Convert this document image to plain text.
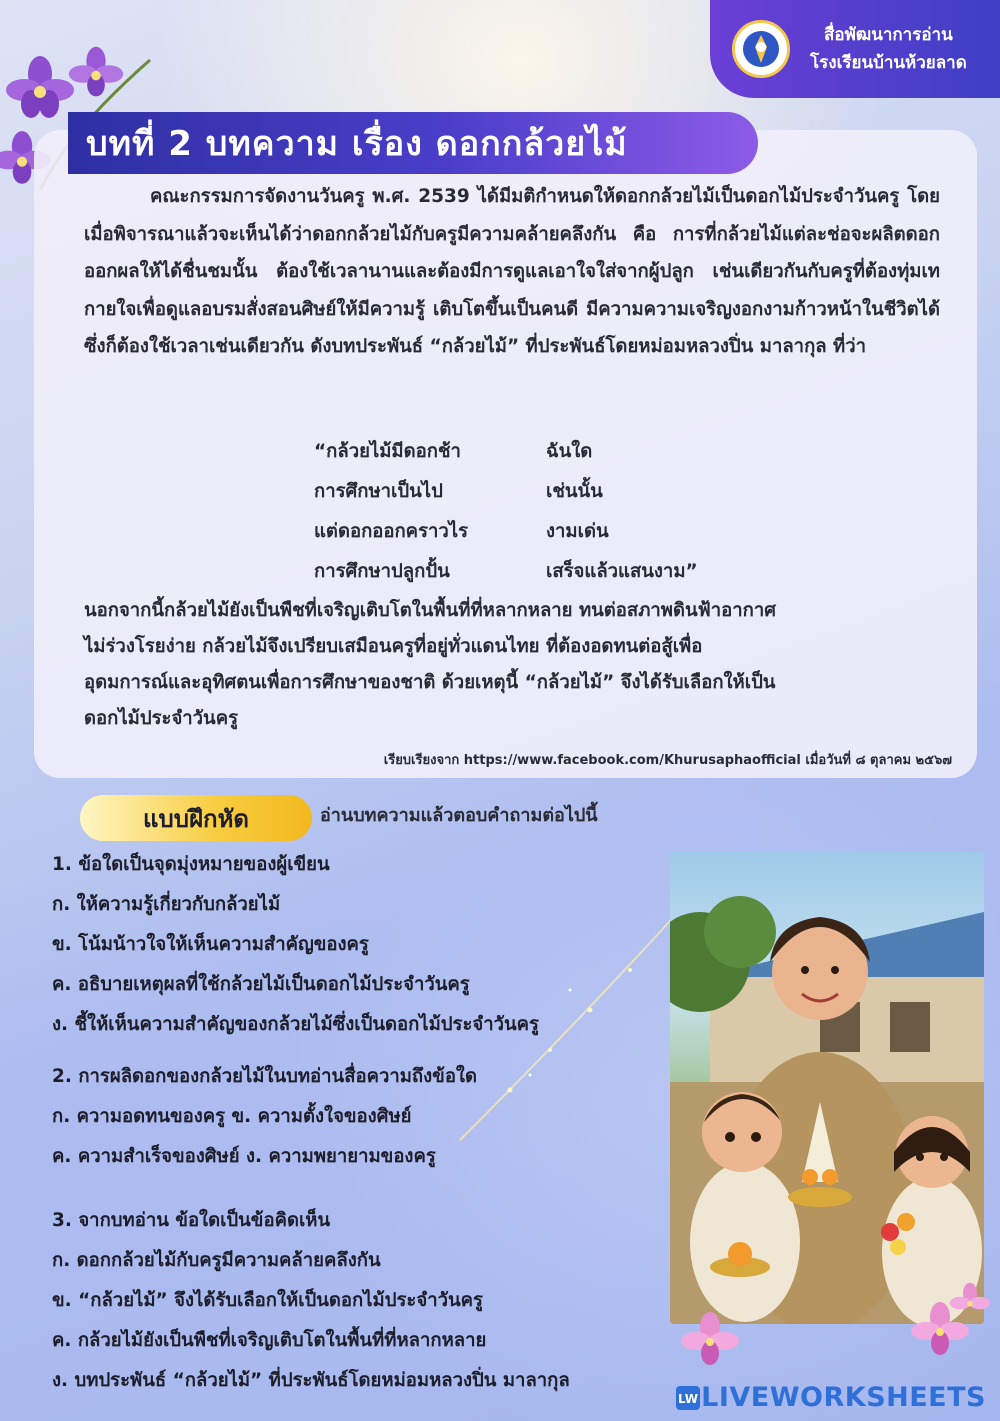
สื่อพัฒนาการอ่าน
โรงเรียนบ้านห้วยลาด
บทที่ 2 บทความ เรื่อง ดอกกล้วยไม้

คณะกรรมการจัดงานวันครู พ.ศ. 2539 ได้มีมติกำหนดให้ดอกกล้วยไม้เป็นดอกไม้ประจำวันครู โดยเมื่อพิจารณาแล้วจะเห็นได้ว่าดอกกล้วยไม้กับครูมีความคล้ายคลึงกัน คือ การที่กล้วยไม้แต่ละช่อจะผลิตดอกออกผลให้ได้ชื่นชมนั้น ต้องใช้เวลานานและต้องมีการดูแลเอาใจใส่จากผู้ปลูก เช่นเดียวกันกับครูที่ต้องทุ่มเทกายใจเพื่อดูแลอบรมสั่งสอนศิษย์ให้มีความรู้ เติบโตขึ้นเป็นคนดี มีความความเจริญงอกงามก้าวหน้าในชีวิตได้ ซึ่งก็ต้องใช้เวลาเช่นเดียวกัน ดังบทประพันธ์ “กล้วยไม้” ที่ประพันธ์โดยหม่อมหลวงปิ่น มาลากุล ที่ว่า

“กล้วยไม้มีดอกช้า	ฉันใด
การศึกษาเป็นไป	เช่นนั้น
แต่ดอกออกคราวไร	งามเด่น
การศึกษาปลูกปั้น	เสร็จแล้วแสนงาม”
นอกจากนี้กล้วยไม้ยังเป็นพืชที่เจริญเติบโตในพื้นที่ที่หลากหลาย ทนต่อสภาพดินฟ้าอากาศ
ไม่ร่วงโรยง่าย กล้วยไม้จึงเปรียบเสมือนครูที่อยู่ทั่วแดนไทย ที่ต้องอดทนต่อสู้เพื่อ
อุดมการณ์และอุทิศตนเพื่อการศึกษาของชาติ ด้วยเหตุนี้ “กล้วยไม้” จึงได้รับเลือกให้เป็น
ดอกไม้ประจำวันครู
เรียบเรียงจาก https://www.facebook.com/Khurusaphaofficial เมื่อวันที่ ๘ ตุลาคม ๒๕๖๗
แบบฝึกหัด	อ่านบทความแล้วตอบคำถามต่อไปนี้
1. ข้อใดเป็นจุดมุ่งหมายของผู้เขียน
ก. ให้ความรู้เกี่ยวกับกล้วยไม้
ข. โน้มน้าวใจให้เห็นความสำคัญของครู
ค. อธิบายเหตุผลที่ใช้กล้วยไม้เป็นดอกไม้ประจำวันครู
ง. ชี้ให้เห็นความสำคัญของกล้วยไม้ซึ่งเป็นดอกไม้ประจำวันครู
2. การผลิดอกของกล้วยไม้ในบทอ่านสื่อความถึงข้อใด
ก. ความอดทนของครู ข. ความตั้งใจของศิษย์
ค. ความสำเร็จของศิษย์ ง. ความพยายามของครู
3. จากบทอ่าน ข้อใดเป็นข้อคิดเห็น
ก. ดอกกล้วยไม้กับครูมีความคล้ายคลึงกัน
ข. “กล้วยไม้” จึงได้รับเลือกให้เป็นดอกไม้ประจำวันครู
ค. กล้วยไม้ยังเป็นพืชที่เจริญเติบโตในพื้นที่ที่หลากหลาย
ง. บทประพันธ์ “กล้วยไม้” ที่ประพันธ์โดยหม่อมหลวงปิ่น มาลากุล
LW LIVEWORKSHEETS
